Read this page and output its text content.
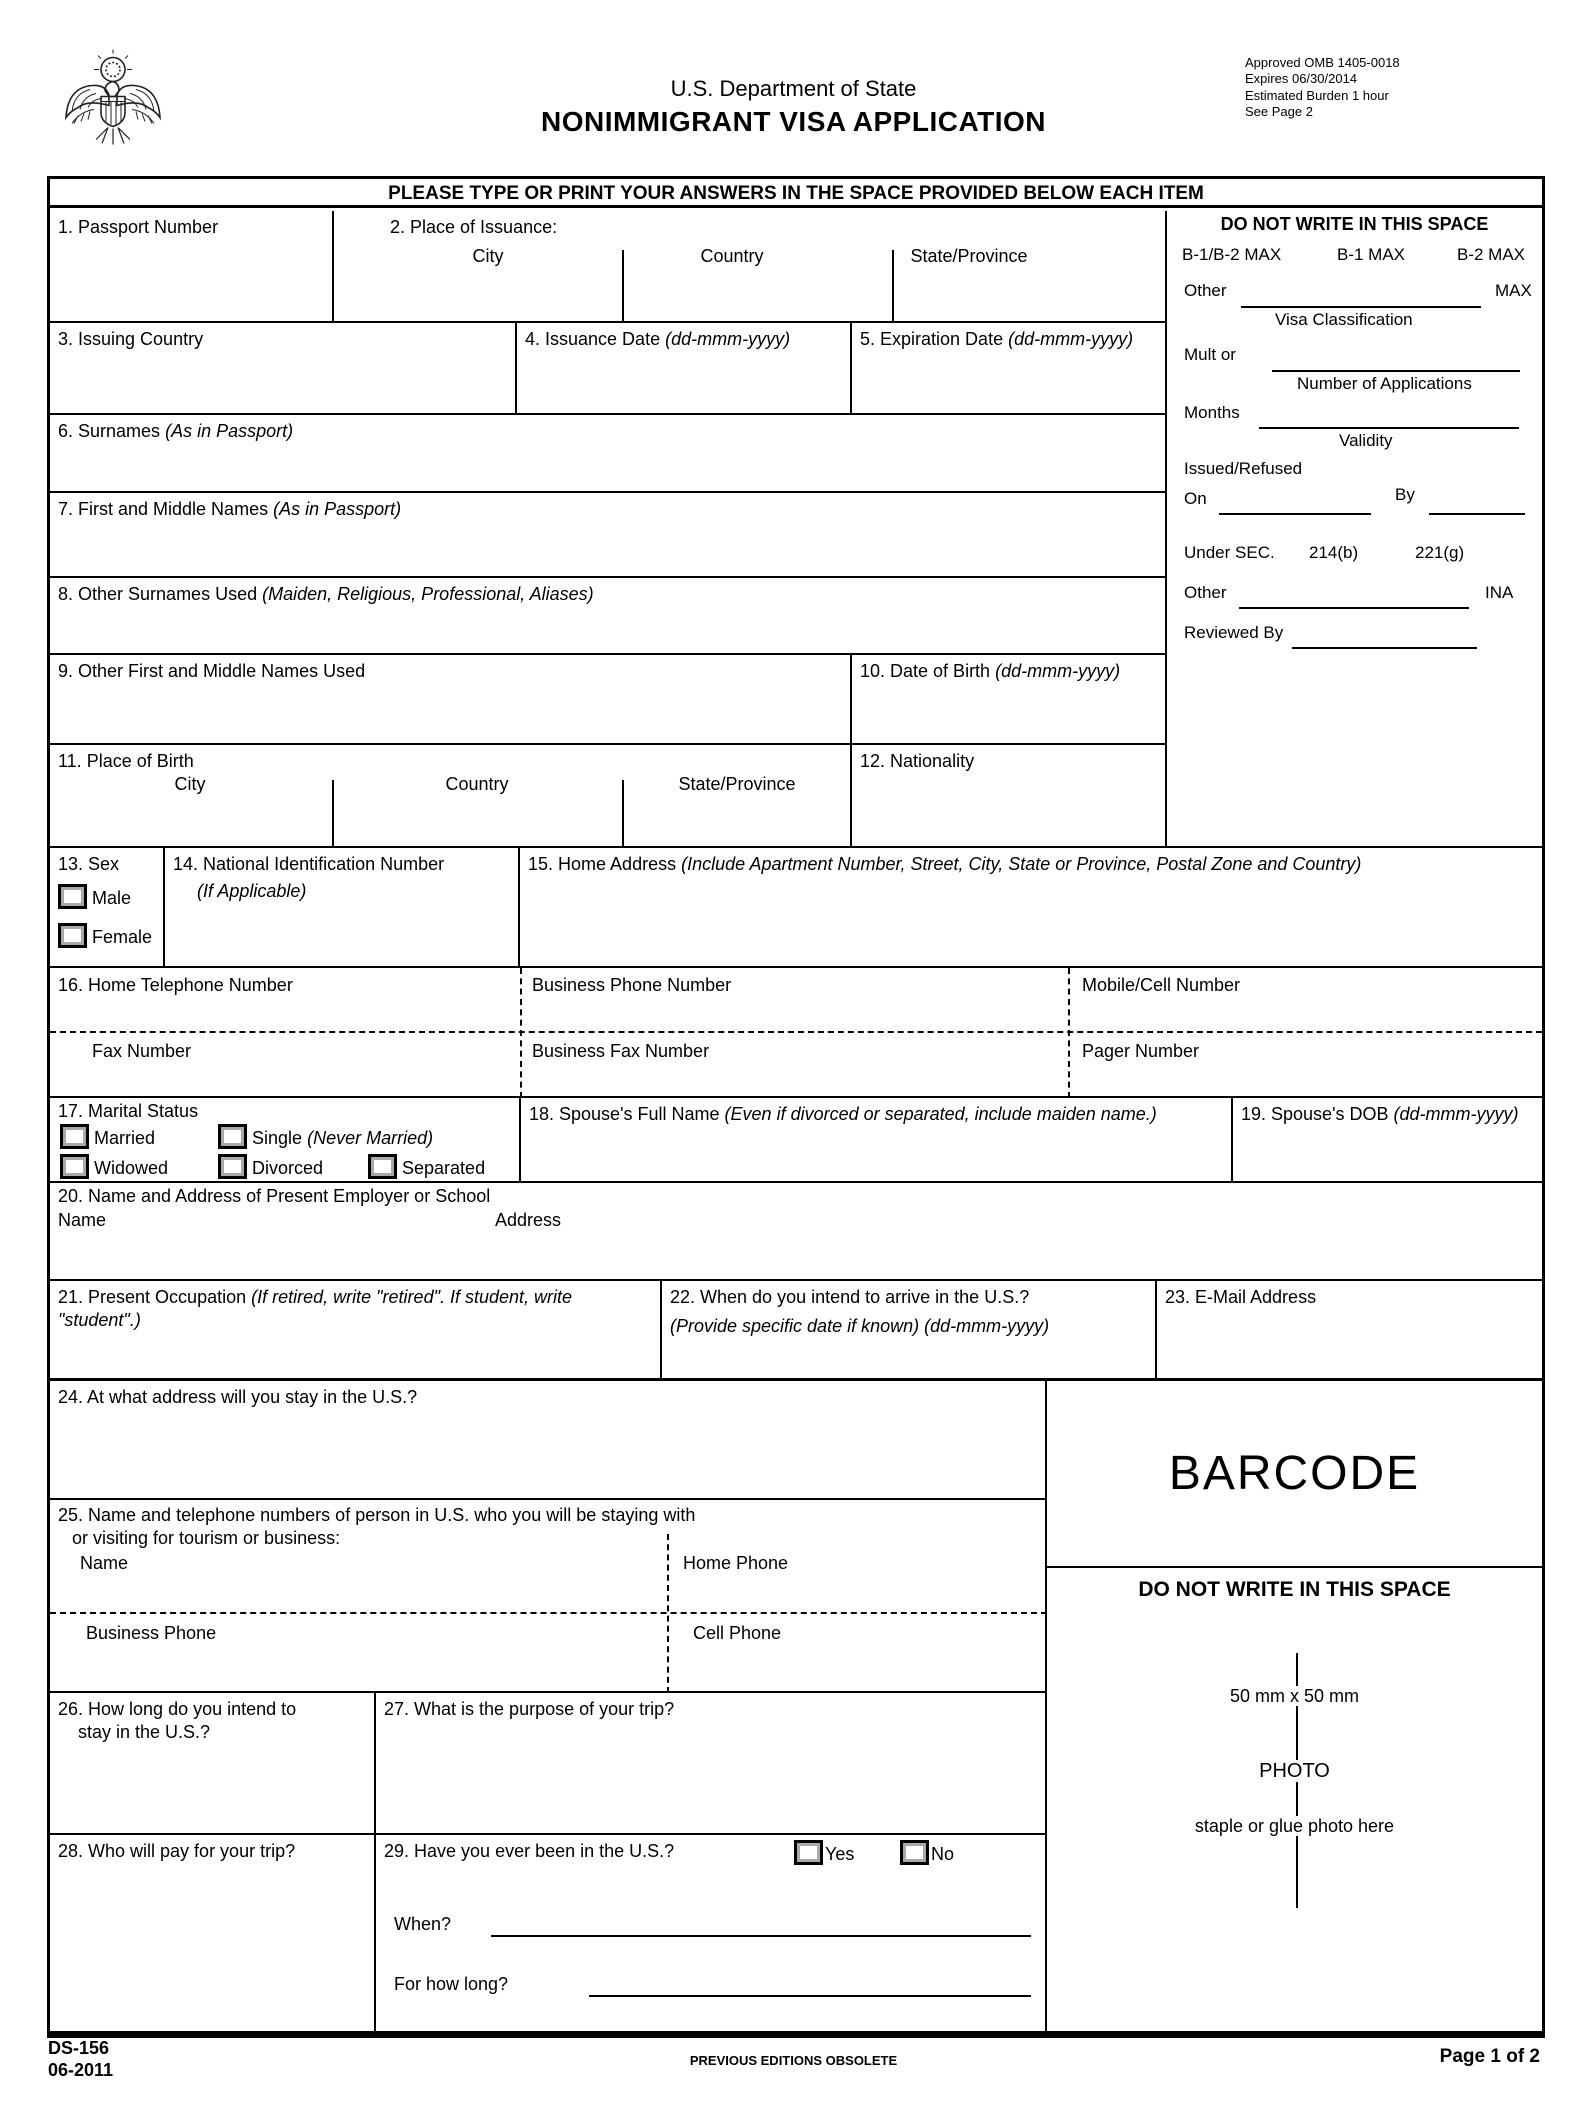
U.S. Department of State
NONIMMIGRANT VISA APPLICATION
Approved OMB 1405-0018
Expires 06/30/2014
Estimated Burden 1 hour
See Page 2
PLEASE TYPE OR PRINT YOUR ANSWERS IN THE SPACE PROVIDED BELOW EACH ITEM
1. Passport Number	2. Place of Issuance:
City	Country	State/Province
3. Issuing Country	4. Issuance Date (dd-mmm-yyyy)	5. Expiration Date (dd-mmm-yyyy)
6. Surnames (As in Passport)
7. First and Middle Names (As in Passport)
8. Other Surnames Used (Maiden, Religious, Professional, Aliases)
9. Other First and Middle Names Used	10. Date of Birth (dd-mmm-yyyy)
11. Place of Birth
City	Country	State/Province
12. Nationality
DO NOT WRITE IN THIS SPACE
B-1/B-2 MAX	B-1 MAX	B-2 MAX
Other	MAX
Visa Classification
Mult or
Number of Applications
Months
Validity
Issued/Refused
On	By
Under SEC. 214(b)	221(g)
Other	INA
Reviewed By
13. Sex
Male
Female
14. National Identification Number
(If Applicable)
15. Home Address (Include Apartment Number, Street, City, State or Province, Postal Zone and Country)
16. Home Telephone Number	Business Phone Number	Mobile/Cell Number
Fax Number	Business Fax Number	Pager Number
17. Marital Status
Married	Single (Never Married)
Widowed	Divorced	Separated
18. Spouse's Full Name (Even if divorced or separated, include maiden name.)	19. Spouse's DOB (dd-mmm-yyyy)
20. Name and Address of Present Employer or School
Name	Address
21. Present Occupation (If retired, write "retired". If student, write "student".)
22. When do you intend to arrive in the U.S.?
(Provide specific date if known) (dd-mmm-yyyy)
23. E-Mail Address
24. At what address will you stay in the U.S.?
BARCODE
25. Name and telephone numbers of person in U.S. who you will be staying with
or visiting for tourism or business:
Name	Home Phone
Business Phone	Cell Phone
DO NOT WRITE IN THIS SPACE
50 mm x 50 mm
PHOTO
staple or glue photo here
26. How long do you intend to
stay in the U.S.?
27. What is the purpose of your trip?
28. Who will pay for your trip?	29. Have you ever been in the U.S.?	Yes	No
When?
For how long?
DS-156
06-2011	PREVIOUS EDITIONS OBSOLETE	Page 1 of 2
